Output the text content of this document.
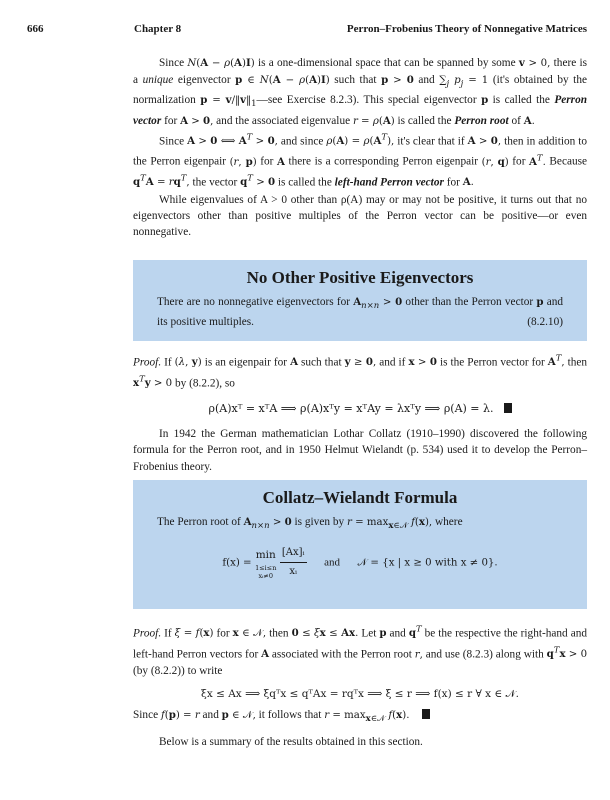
666	Chapter 8	Perron–Frobenius Theory of Nonnegative Matrices

Since N(A − ρ(A)I) is a one-dimensional space that can be spanned by some v > 0, there is a unique eigenvector p ∈ N(A − ρ(A)I) such that p > 0 and $\sum_j$ $p_j = 1$ (it's obtained by the normalization $p = v/‖v‖_1—see$ Exercise 8.2.3). This special eigenvector p is called the Perron vector for A > 0, and the associated eigenvalue r = ρ(A) is called the Perron root of A.

Since A > 0 ⟺ $A^T > 0$, and since $\rho(A) = \rho(A^T)$, it's clear that if A > 0, then in addition to the Perron eigenpair (r, p) for A there is a corresponding Perron eigenpair (r, q) for $A^T$. Because $q^TA = rq^T$, the vector $q^T > 0$ is called the left-hand Perron vector for A.

While eigenvalues of A > 0 other than ρ(A) may or may not be positive, it turns out that no eigenvectors other than positive multiples of the Perron vector can be positive—or even nonnegative.

No Other Positive Eigenvectors

There are no nonnegative eigenvectors for $A_{n\times n} > 0$ other than the Perron vector p and its positive multiples.	(8.2.10)

Proof. If (λ, y) is an eigenpair for A such that y ≥ 0, and if x > 0 is the Perron vector for $A^T$, then $x^Ty > 0$ by (8.2.2), so

ρ(A)xᵀ = xᵀA ⟹ ρ(A)xᵀy = xᵀAy = λxᵀy ⟹ ρ(A) = λ.

In 1942 the German mathematician Lothar Collatz (1910–1990) discovered the following formula for the Perron root, and in 1950 Helmut Wielandt (p. 534) used it to develop the Perron–Frobenius theory.

Collatz–Wielandt Formula

The Perron root of $A_{n\times n} > 0$ is given by $r = \max_{x\in 𝒩} f(x)$, where

f(x) = min
1≤i≤n
xᵢ≠0
$\frac{\text{[Ax]ᵢ}}{\text{xᵢ}}$ and 𝒩 = {x | x ≥ 0 with x ≠ 0}.

Proof. If ξ = f(x) for x ∈ 𝒩, then 0 ≤ ξx ≤ Ax. Let p and $q^T$ be the respective the right-hand and left-hand Perron vectors for A associated with the Perron root r, and use (8.2.3) along with $q^Tx > 0$ (by (8.2.2)) to write

ξx ≤ Ax ⟹ ξqᵀx ≤ qᵀAx = rqᵀx ⟹ ξ ≤ r ⟹ f(x) ≤ r ∀ x ∈ 𝒩.

Since f(p) = r and p ∈ 𝒩, it follows that $r = \max_{x\in 𝒩} f(x)$.

Below is a summary of the results obtained in this section.
